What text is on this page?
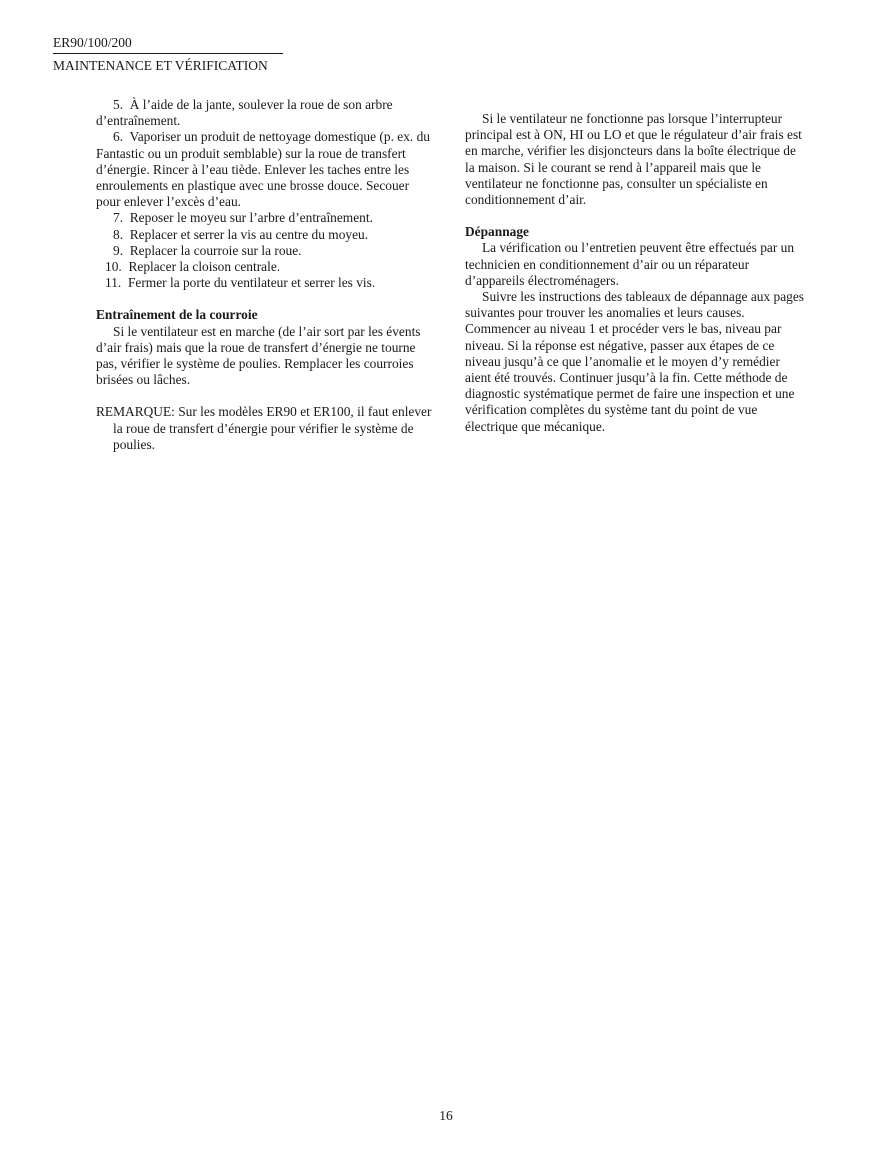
ER90/100/200
MAINTENANCE ET VÉRIFICATION

5. À l’aide de la jante, soulever la roue de son arbre d’entraînement.

6. Vaporiser un produit de nettoyage domestique (p. ex. du Fantastic ou un produit semblable) sur la roue de transfert d’énergie. Rincer à l’eau tiède. Enlever les taches entre les enroulements en plastique avec une brosse douce. Secouer pour enlever l’excès d’eau.

7. Reposer le moyeu sur l’arbre d’entraînement.

8. Replacer et serrer la vis au centre du moyeu.

9. Replacer la courroie sur la roue.

10. Replacer la cloison centrale.

11. Fermer la porte du ventilateur et serrer les vis.

Entraînement de la courroie

Si le ventilateur est en marche (de l’air sort par les évents d’air frais) mais que la roue de transfert d’énergie ne tourne pas, vérifier le système de poulies. Remplacer les courroies brisées ou lâches.

REMARQUE: Sur les modèles ER90 et ER100, il faut enlever la roue de transfert d’énergie pour vérifier le système de poulies.

Si le ventilateur ne fonctionne pas lorsque l’interrupteur principal est à ON, HI ou LO et que le régulateur d’air frais est en marche, vérifier les disjoncteurs dans la boîte électrique de la maison. Si le courant se rend à l’appareil mais que le ventilateur ne fonctionne pas, consulter un spécialiste en conditionnement d’air.

Dépannage

La vérification ou l’entretien peuvent être effectués par un technicien en conditionnement d’air ou un réparateur d’appareils électroménagers.

Suivre les instructions des tableaux de dépannage aux pages suivantes pour trouver les anomalies et leurs causes. Commencer au niveau 1 et procéder vers le bas, niveau par niveau. Si la réponse est négative, passer aux étapes de ce niveau jusqu’à ce que l’anomalie et le moyen d’y remédier aient été trouvés. Continuer jusqu’à la fin. Cette méthode de diagnostic systématique permet de faire une inspection et une vérification complètes du système tant du point de vue électrique que mécanique.

16
